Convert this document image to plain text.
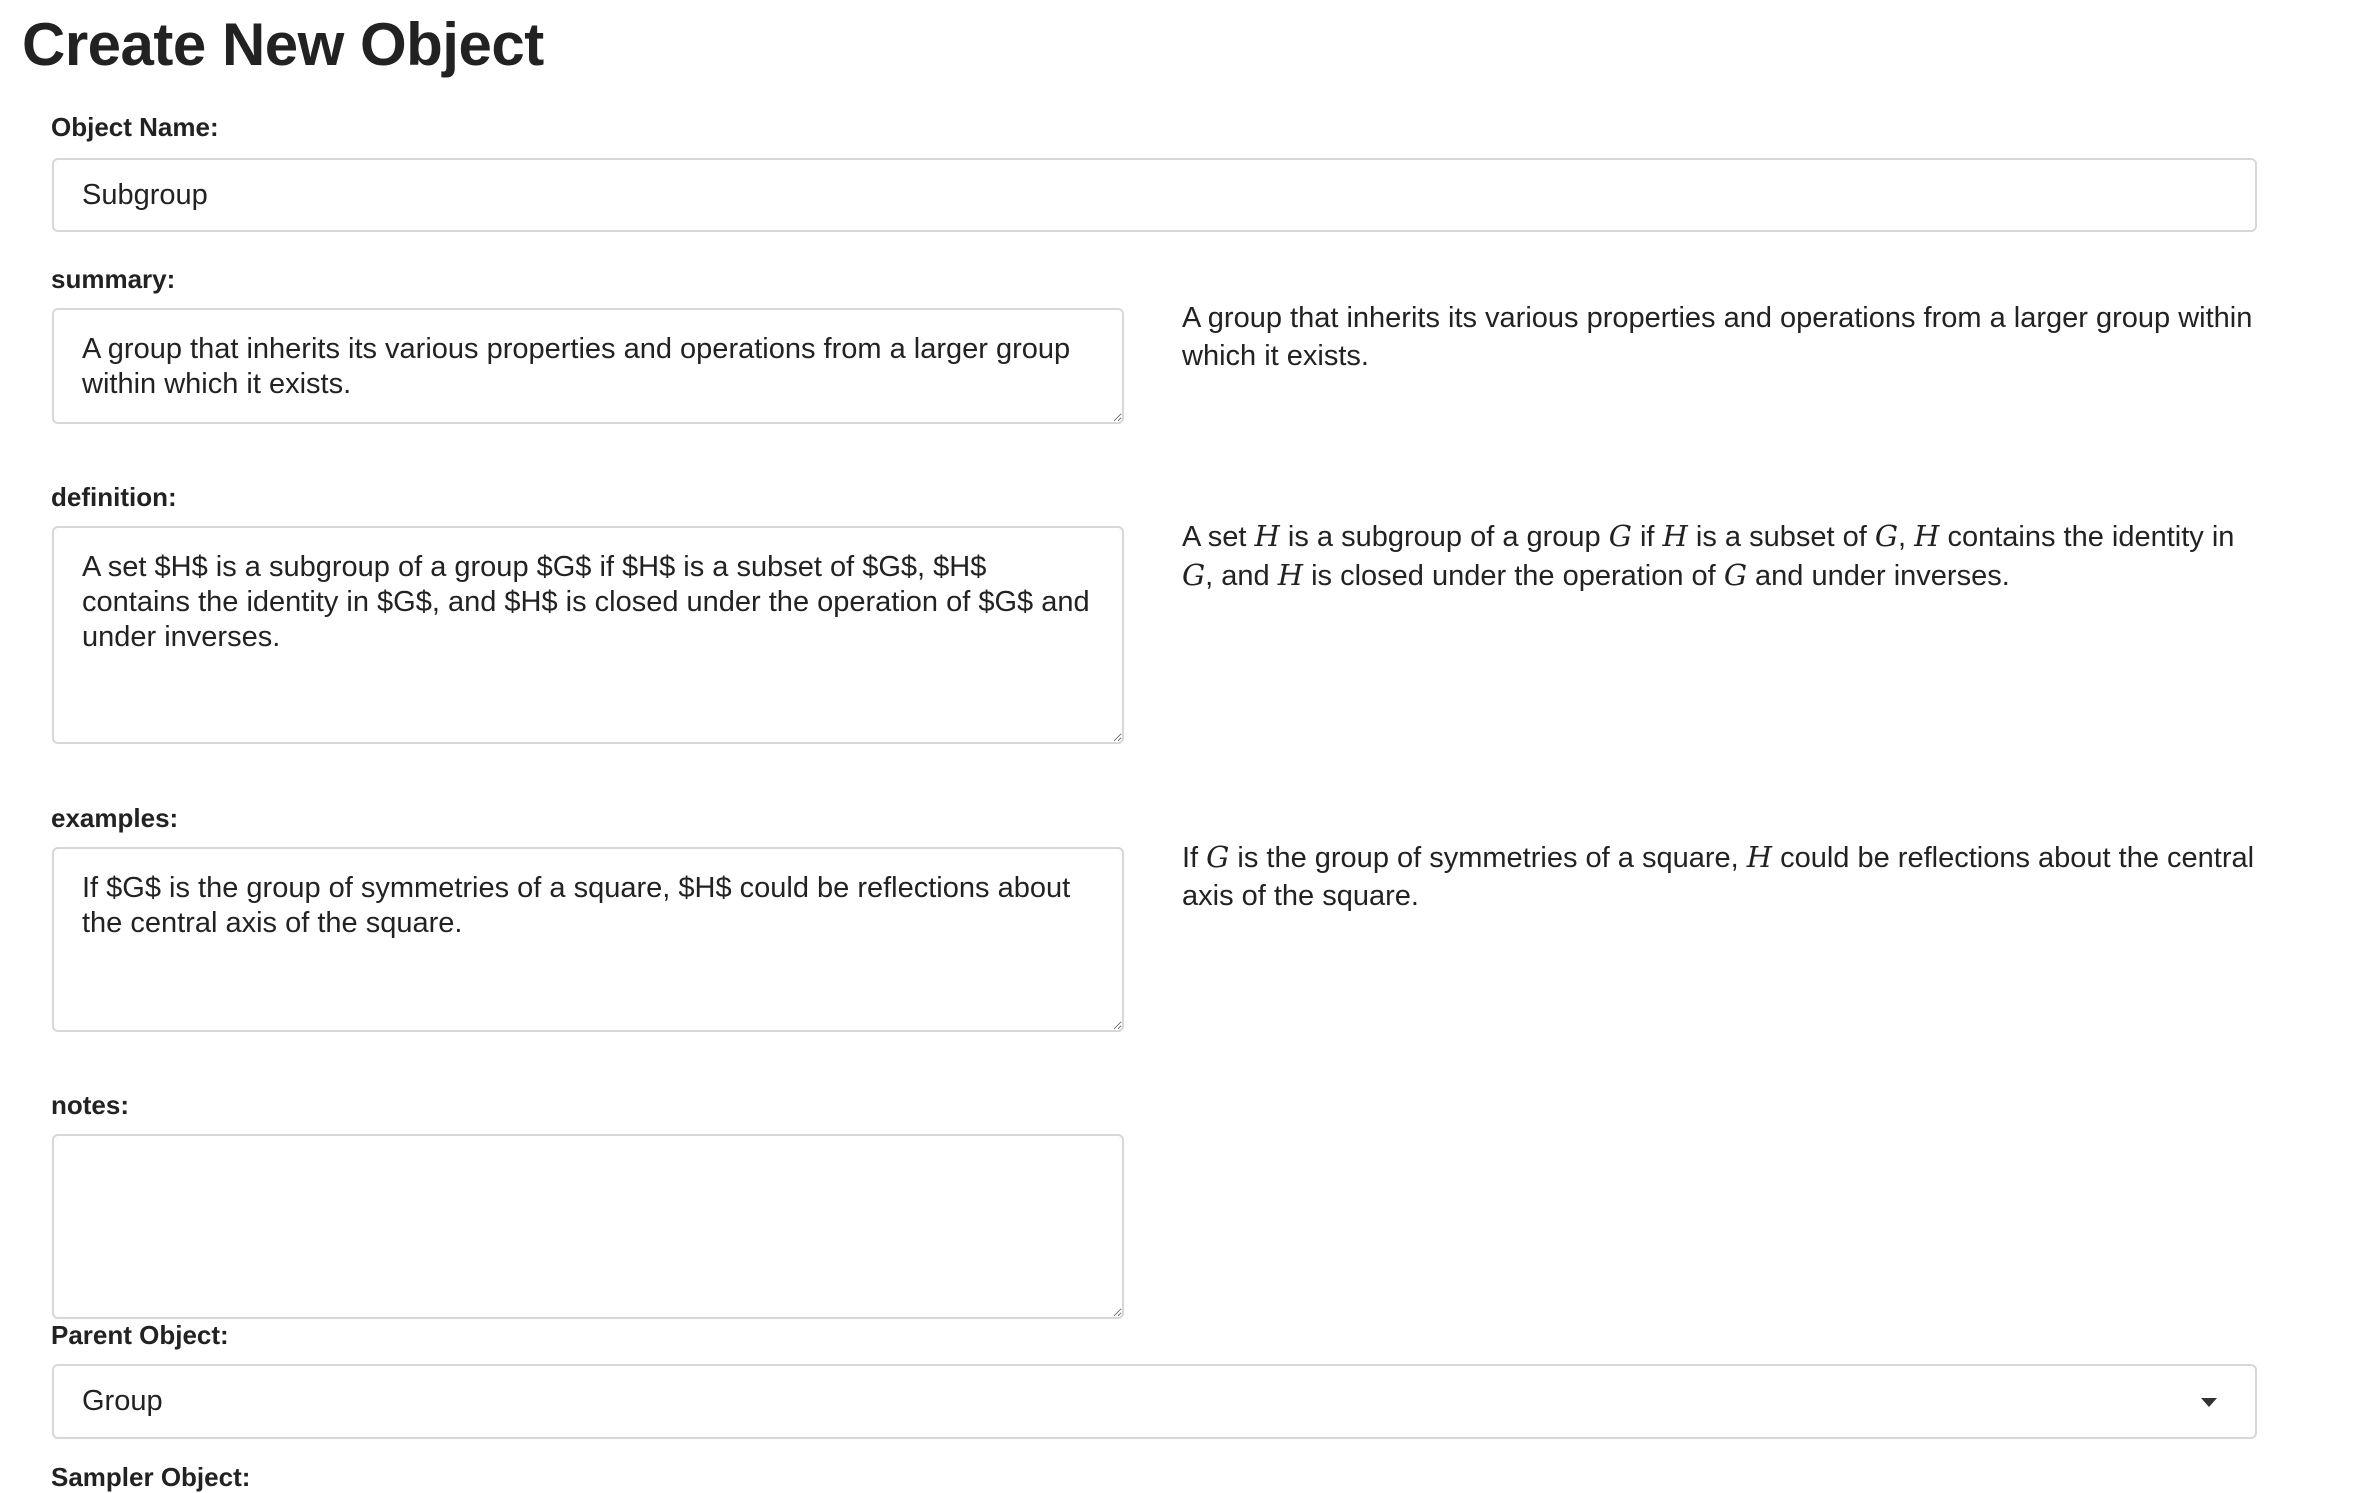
Create New Object
Object Name:
Subgroup
summary:
A group that inherits its various properties and operations from a larger group within which it exists.
A group that inherits its various properties and operations from a larger group within which it exists.
definition:
A set $H$ is a subgroup of a group $G$ if $H$ is a subset of $G$, $H$ contains the identity in $G$, and $H$ is closed under the operation of $G$ and under inverses.
A set H is a subgroup of a group G if H is a subset of G, H contains the identity in G, and H is closed under the operation of G and under inverses.
examples:
If $G$ is the group of symmetries of a square, $H$ could be reflections about the central axis of the square.
If G is the group of symmetries of a square, H could be reflections about the central axis of the square.
notes:
Parent Object:
Group
Sampler Object:
